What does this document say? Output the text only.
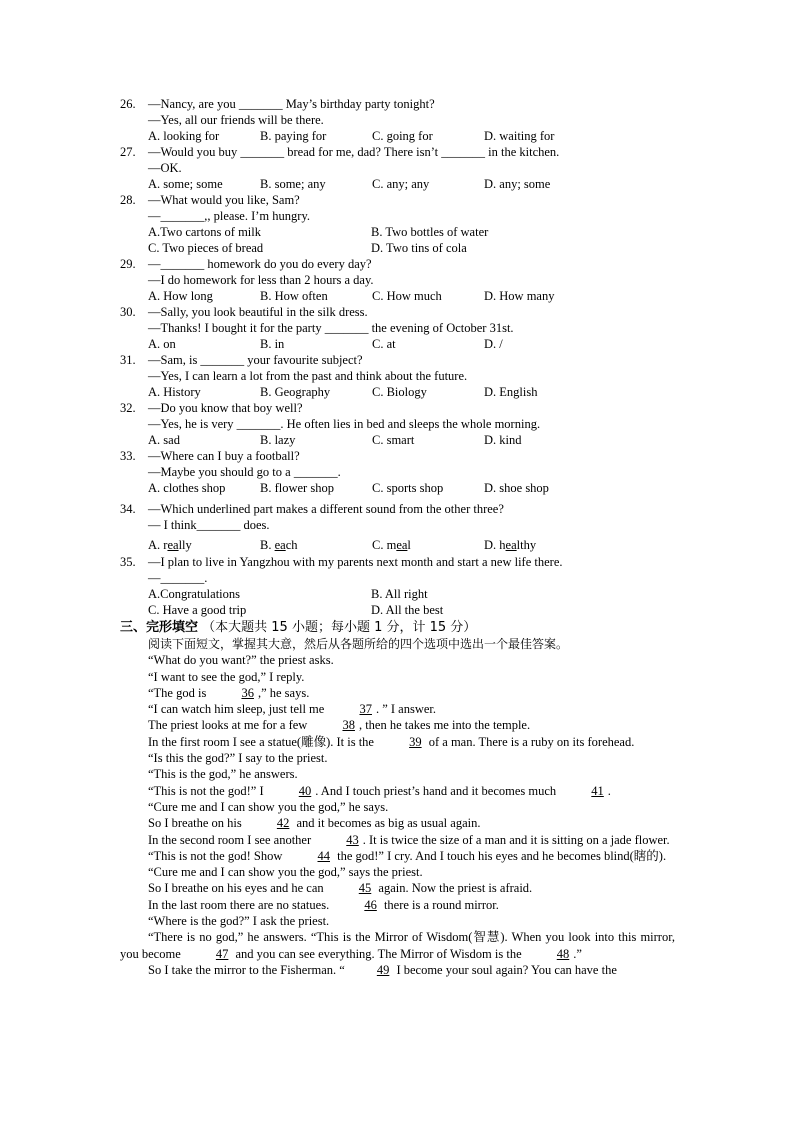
26. —Nancy, are you _______ May’s birthday party tonight?
—Yes, all our friends will be there.
A. looking for	B. paying for	C. going for	D. waiting for
27. —Would you buy _______ bread for me, dad? There isn’t _______ in the kitchen.
—OK.
A. some; some	B. some; any	C. any; any	D. any; some
28. —What would you like, Sam?
—_______,, please. I’m hungry.
A.Two cartons of milk	B. Two bottles of water
C. Two pieces of bread	D. Two tins of cola
29. —_______ homework do you do every day?
—I do homework for less than 2 hours a day.
A. How long	B. How often	C. How much	D. How many
30. —Sally, you look beautiful in the silk dress.
—Thanks! I bought it for the party _______ the evening of October 31st.
A. on	B. in	C. at	D. /
31. —Sam, is _______ your favourite subject?
—Yes, I can learn a lot from the past and think about the future.
A. History	B. Geography	C. Biology	D. English
32. —Do you know that boy well?
—Yes, he is very _______. He often lies in bed and sleeps the whole morning.
A. sad	B. lazy	C. smart	D. kind
33. —Where can I buy a football?
—Maybe you should go to a _______.
A. clothes shop	B. flower shop	C. sports shop	D. shoe shop
34. —Which underlined part makes a different sound from the other three?
— I think_______ does.
A. really	B. each	C. meal	D. healthy
35. —I plan to live in Yangzhou with my parents next month and start a new life there.
—_______.
A.Congratulations	B. All right
C. Have a good trip	D. All the best
三、完形填空 （本大题共 15 小题；每小题 1 分，计 15 分）

阅读下面短文，掌握其大意，然后从各题所给的四个选项中选出一个最佳答案。

“What do you want?” the priest asks.

“I want to see the god,” I reply.

“The god is	36 ,” he says.

“I can watch him sleep, just tell me	37 . ” I answer.

The priest looks at me for a few	38 , then he takes me into the temple.

In the first room I see a statue(雕像). It is the	39 of a man. There is a ruby on its forehead.

“Is this the god?” I say to the priest.

“This is the god,” he answers.

“This is not the god!” I	40 . And I touch priest’s hand and it becomes much	41 .

“Cure me and I can show you the god,” he says.

So I breathe on his	42 and it becomes as big as usual again.

In the second room I see another	43 . It is twice the size of a man and it is sitting on a jade flower.

“This is not the god! Show	44 the god!” I cry. And I touch his eyes and he becomes blind(瞎的).

“Cure me and I can show you the god,” says the priest.

So I breathe on his eyes and he can	45 again. Now the priest is afraid.

In the last room there are no statues.	46 there is a round mirror.

“Where is the god?” I ask the priest.

“There is no god,” he answers. “This is the Mirror of Wisdom(智慧). When you look into this mirror, you become	47 and you can see everything. The Mirror of Wisdom is the	48 .”

So I take the mirror to the Fisherman. “	49 I become your soul again? You can have the
